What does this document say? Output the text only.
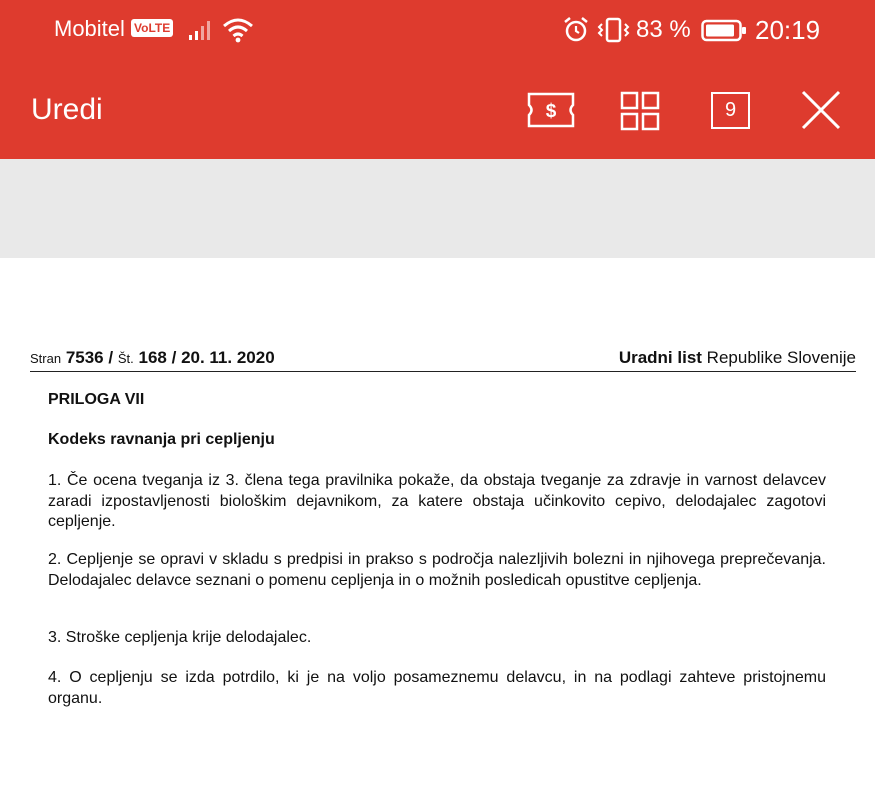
Mobitel VoLTE	83 % 20:19
Uredi	$	9
Stran 7536 / Št. 168 / 20. 11. 2020	Uradni list Republike Slovenije
PRILOGA VII
Kodeks ravnanja pri cepljenju
1. Če ocena tveganja iz 3. člena tega pravilnika pokaže, da obstaja tveganje za zdravje in varnost delavcev zaradi izpostavljenosti biološkim dejavnikom, za katere obstaja učinkovito cepivo, delodajalec zagotovi cepljenje.
2. Cepljenje se opravi v skladu s predpisi in prakso s področja nalezljivih bolezni in njihovega preprečevanja. Delodajalec delavce seznani o pomenu cepljenja in o možnih posledicah opustitve cepljenja.
3. Stroške cepljenja krije delodajalec.
4. O cepljenju se izda potrdilo, ki je na voljo posameznemu delavcu, in na podlagi zahteve pristojnemu organu.
